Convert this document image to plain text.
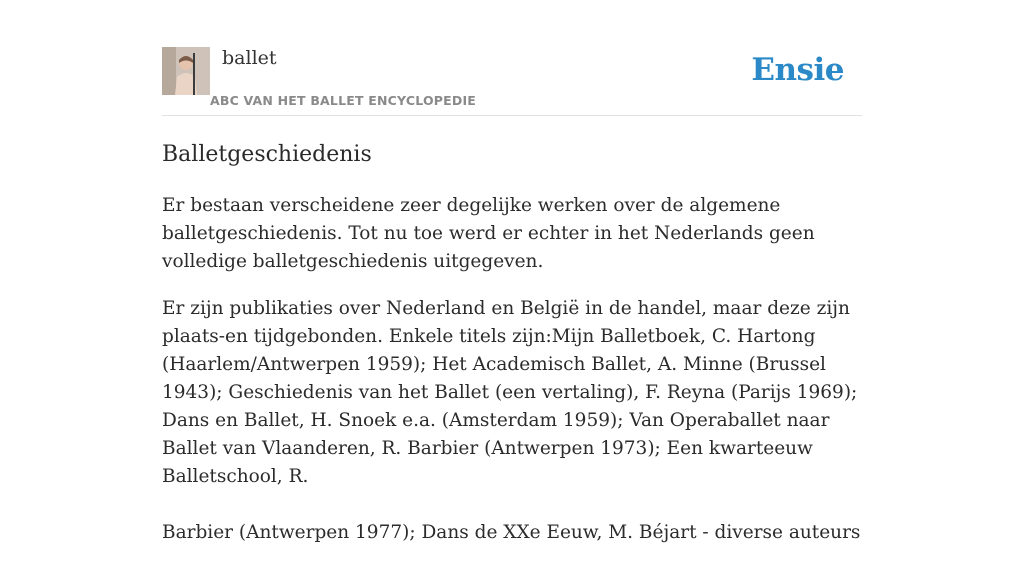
ballet
ABC VAN HET BALLET ENCYCLOPEDIE
Ensie
Balletgeschiedenis

Er bestaan verscheidene zeer degelijke werken over de algemene balletgeschiedenis. Tot nu toe werd er echter in het Nederlands geen volledige balletgeschiedenis uitgegeven.

Er zijn publikaties over Nederland en België in de handel, maar deze zijn plaats-en tijdgebonden. Enkele titels zijn:Mijn Balletboek, C. Hartong (Haarlem/Antwerpen 1959); Het Academisch Ballet, A. Minne (Brussel 1943); Geschiedenis van het Ballet (een vertaling), F. Reyna (Parijs 1969); Dans en Ballet, H. Snoek e.a. (Amsterdam 1959); Van Operaballet naar Ballet van Vlaanderen, R. Barbier (Antwerpen 1973); Een kwarteeuw Balletschool, R.

Barbier (Antwerpen 1977); Dans de XXe Eeuw, M. Béjart - diverse auteurs
